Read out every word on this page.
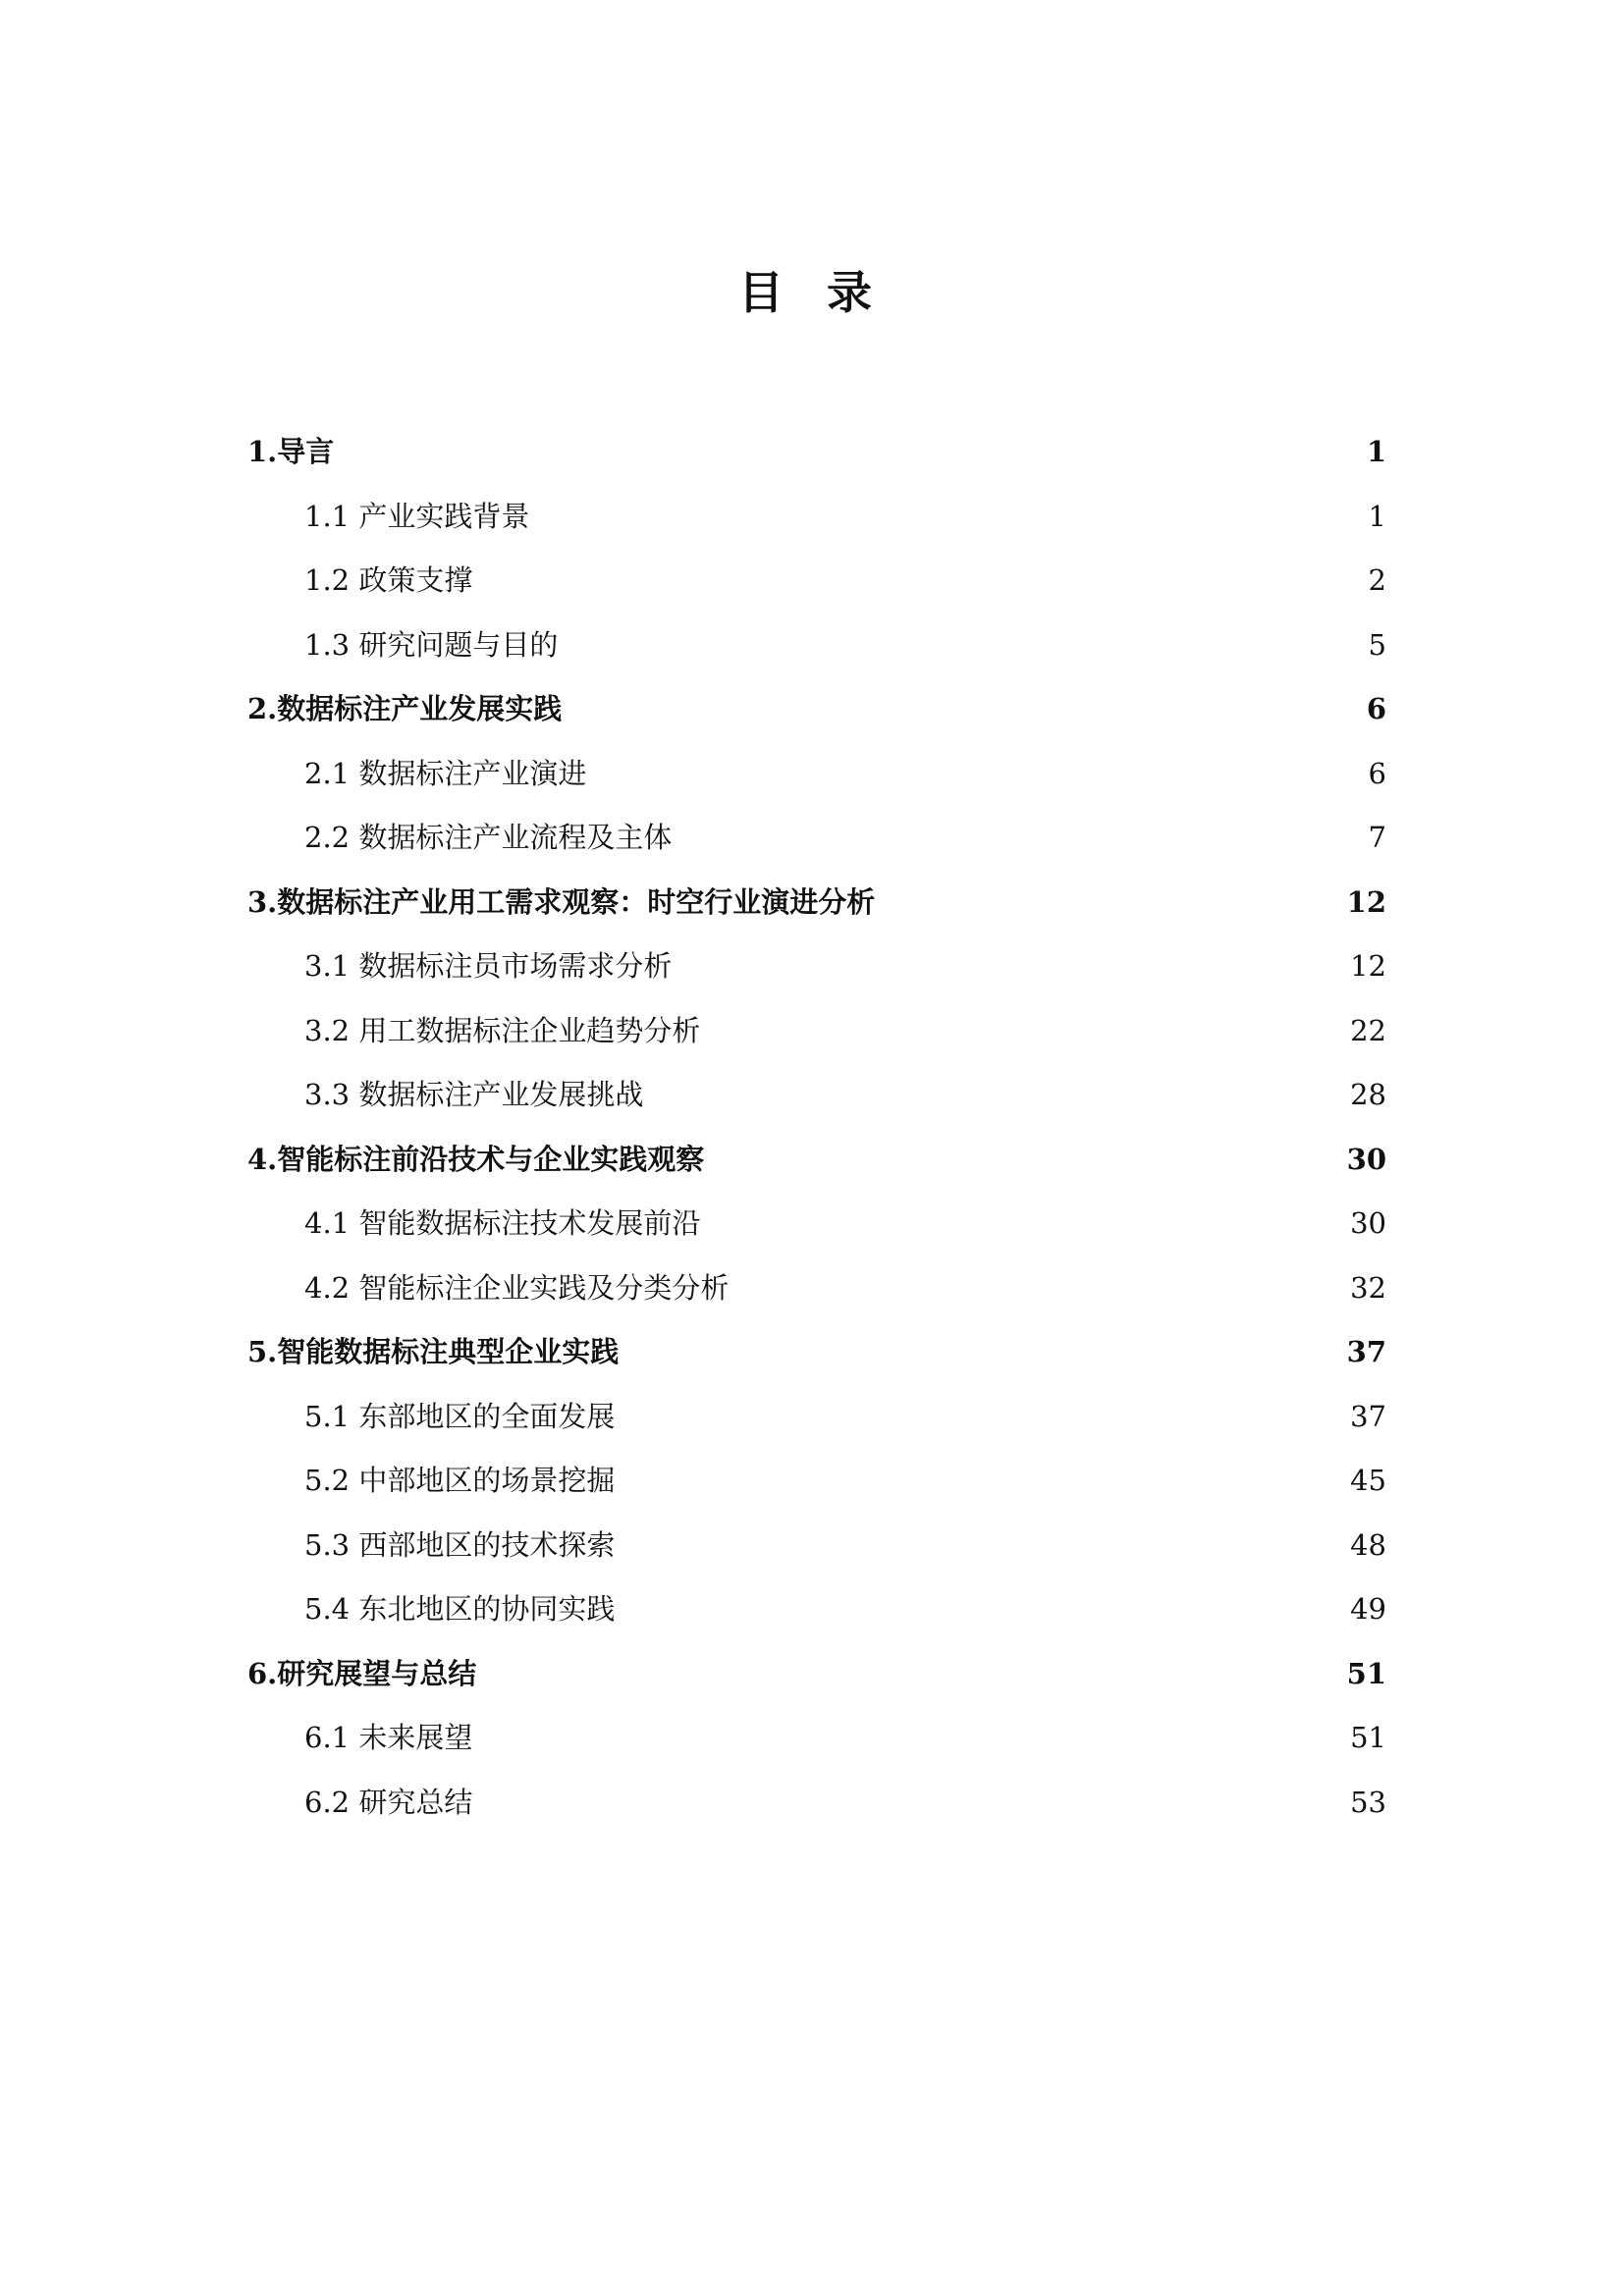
目 录
1.导言	1
1.1 产业实践背景	1
1.2 政策支撑	2
1.3 研究问题与目的	5
2.数据标注产业发展实践	6
2.1 数据标注产业演进	6
2.2 数据标注产业流程及主体	7
3.数据标注产业用工需求观察：时空行业演进分析	12
3.1 数据标注员市场需求分析	12
3.2 用工数据标注企业趋势分析	22
3.3 数据标注产业发展挑战	28
4.智能标注前沿技术与企业实践观察	30
4.1 智能数据标注技术发展前沿	30
4.2 智能标注企业实践及分类分析	32
5.智能数据标注典型企业实践	37
5.1 东部地区的全面发展	37
5.2 中部地区的场景挖掘	45
5.3 西部地区的技术探索	48
5.4 东北地区的协同实践	49
6.研究展望与总结	51
6.1 未来展望	51
6.2 研究总结	53
